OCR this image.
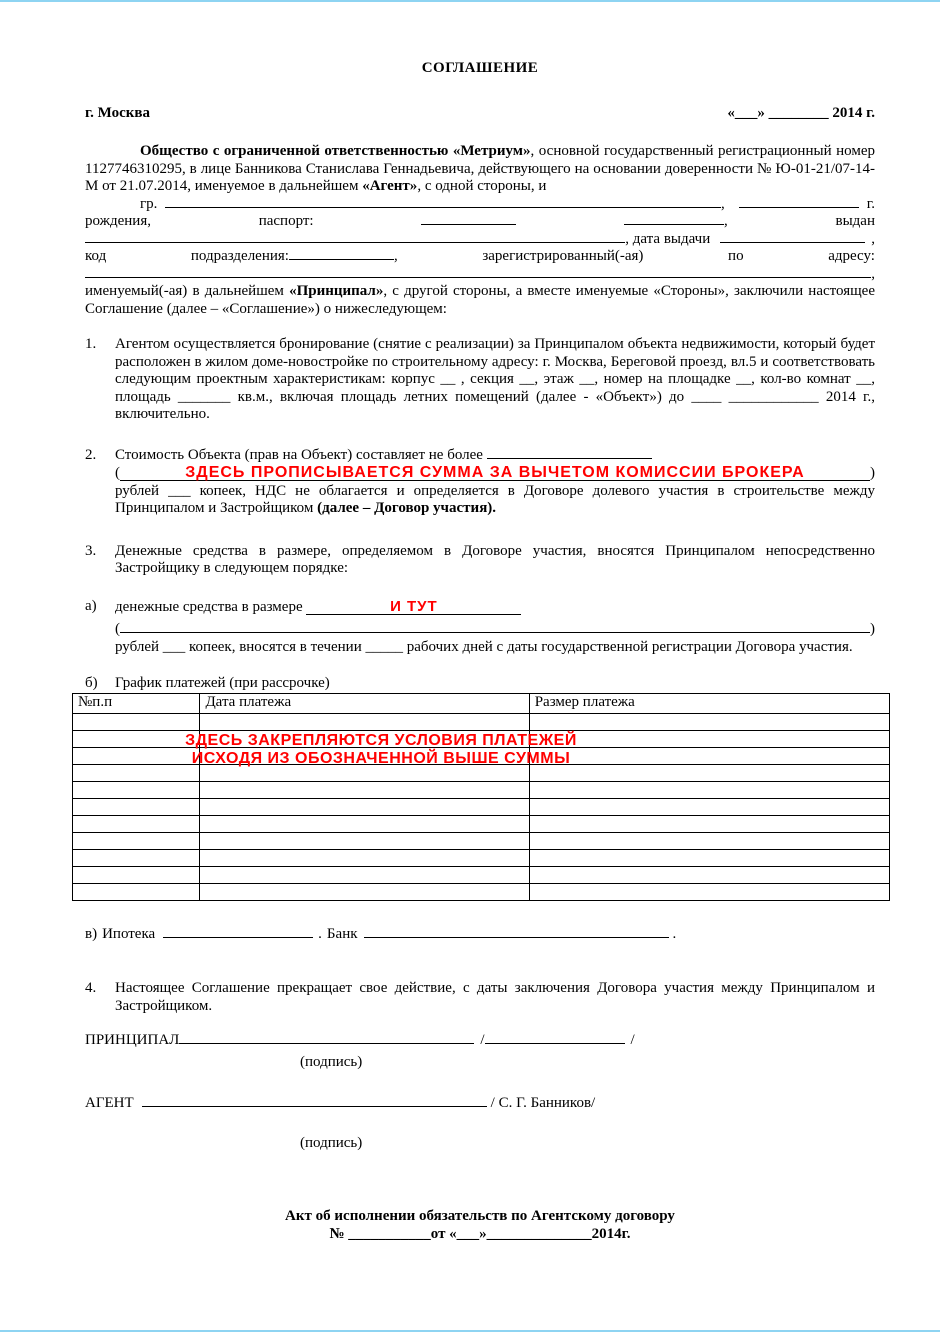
СОГЛАШЕНИЕ
г. Москва	«___» ________ 2014 г.

Общество с ограниченной ответственностью «Метриум», основной государственный регистрационный номер 1127746310295, в лице Банникова Станислава Геннадьевича, действующего на основании доверенности № Ю-01-21/07-14-М от 21.07.2014, именуемое в дальнейшем «Агент», с одной стороны, и

гр.	,	г.
рождения,	паспорт:	,	выдан
, дата выдачи	,
код	подразделения:	,	зарегистрированный(-ая)	по	адресу:
,

именуемый(-ая) в дальнейшем «Принципал», с другой стороны, а вместе именуемые «Стороны», заключили настоящее Соглашение (далее – «Соглашение») о нижеследующем:

1.	Агентом осуществляется бронирование (снятие с реализации) за Принципалом объекта недвижимости, который будет расположен в жилом доме-новостройке по строительному адресу: г. Москва, Береговой проезд, вл.5 и соответствовать следующим проектным характеристикам: корпус __ , секция __, этаж __, номер на площадке __, кол-во комнат __, площадь _______ кв.м., включая площадь летних помещений (далее - «Объект») до ____ ____________ 2014 г., включительно.
2.	Стоимость Объекта (прав на Объект) составляет не более
(	ЗДЕСЬ ПРОПИСЫВАЕТСЯ СУММА ЗА ВЫЧЕТОМ КОМИССИИ БРОКЕРА	)
рублей ___ копеек, НДС не облагается и определяется в Договоре долевого участия в строительстве между Принципалом и Застройщиком (далее – Договор участия).
3.	Денежные средства в размере, определяемом в Договоре участия, вносятся Принципалом непосредственно Застройщику в следующем порядке:
а)	денежные средства в размере	И ТУТ
(	)
рублей ___ копеек, вносятся в течении _____ рабочих дней с даты государственной регистрации Договора участия.
б)	График платежей (при рассрочке)
№п.п	Дата платежа	Размер платежа

ЗДЕСЬ ЗАКРЕПЛЯЮТСЯ УСЛОВИЯ ПЛАТЕЖЕЙ
ИСХОДЯ ИЗ ОБОЗНАЧЕННОЙ ВЫШЕ СУММЫ
в) Ипотека	. Банк	.
4.	Настоящее Соглашение прекращает свое действие, с даты заключения Договора участия между Принципалом и Застройщиком.
ПРИНЦИПАЛ	/	/
(подпись)
АГЕНТ	/ С. Г. Банников/
(подпись)
Акт об исполнении обязательств по Агентскому договору
№ ___________от «___»______________2014г.
